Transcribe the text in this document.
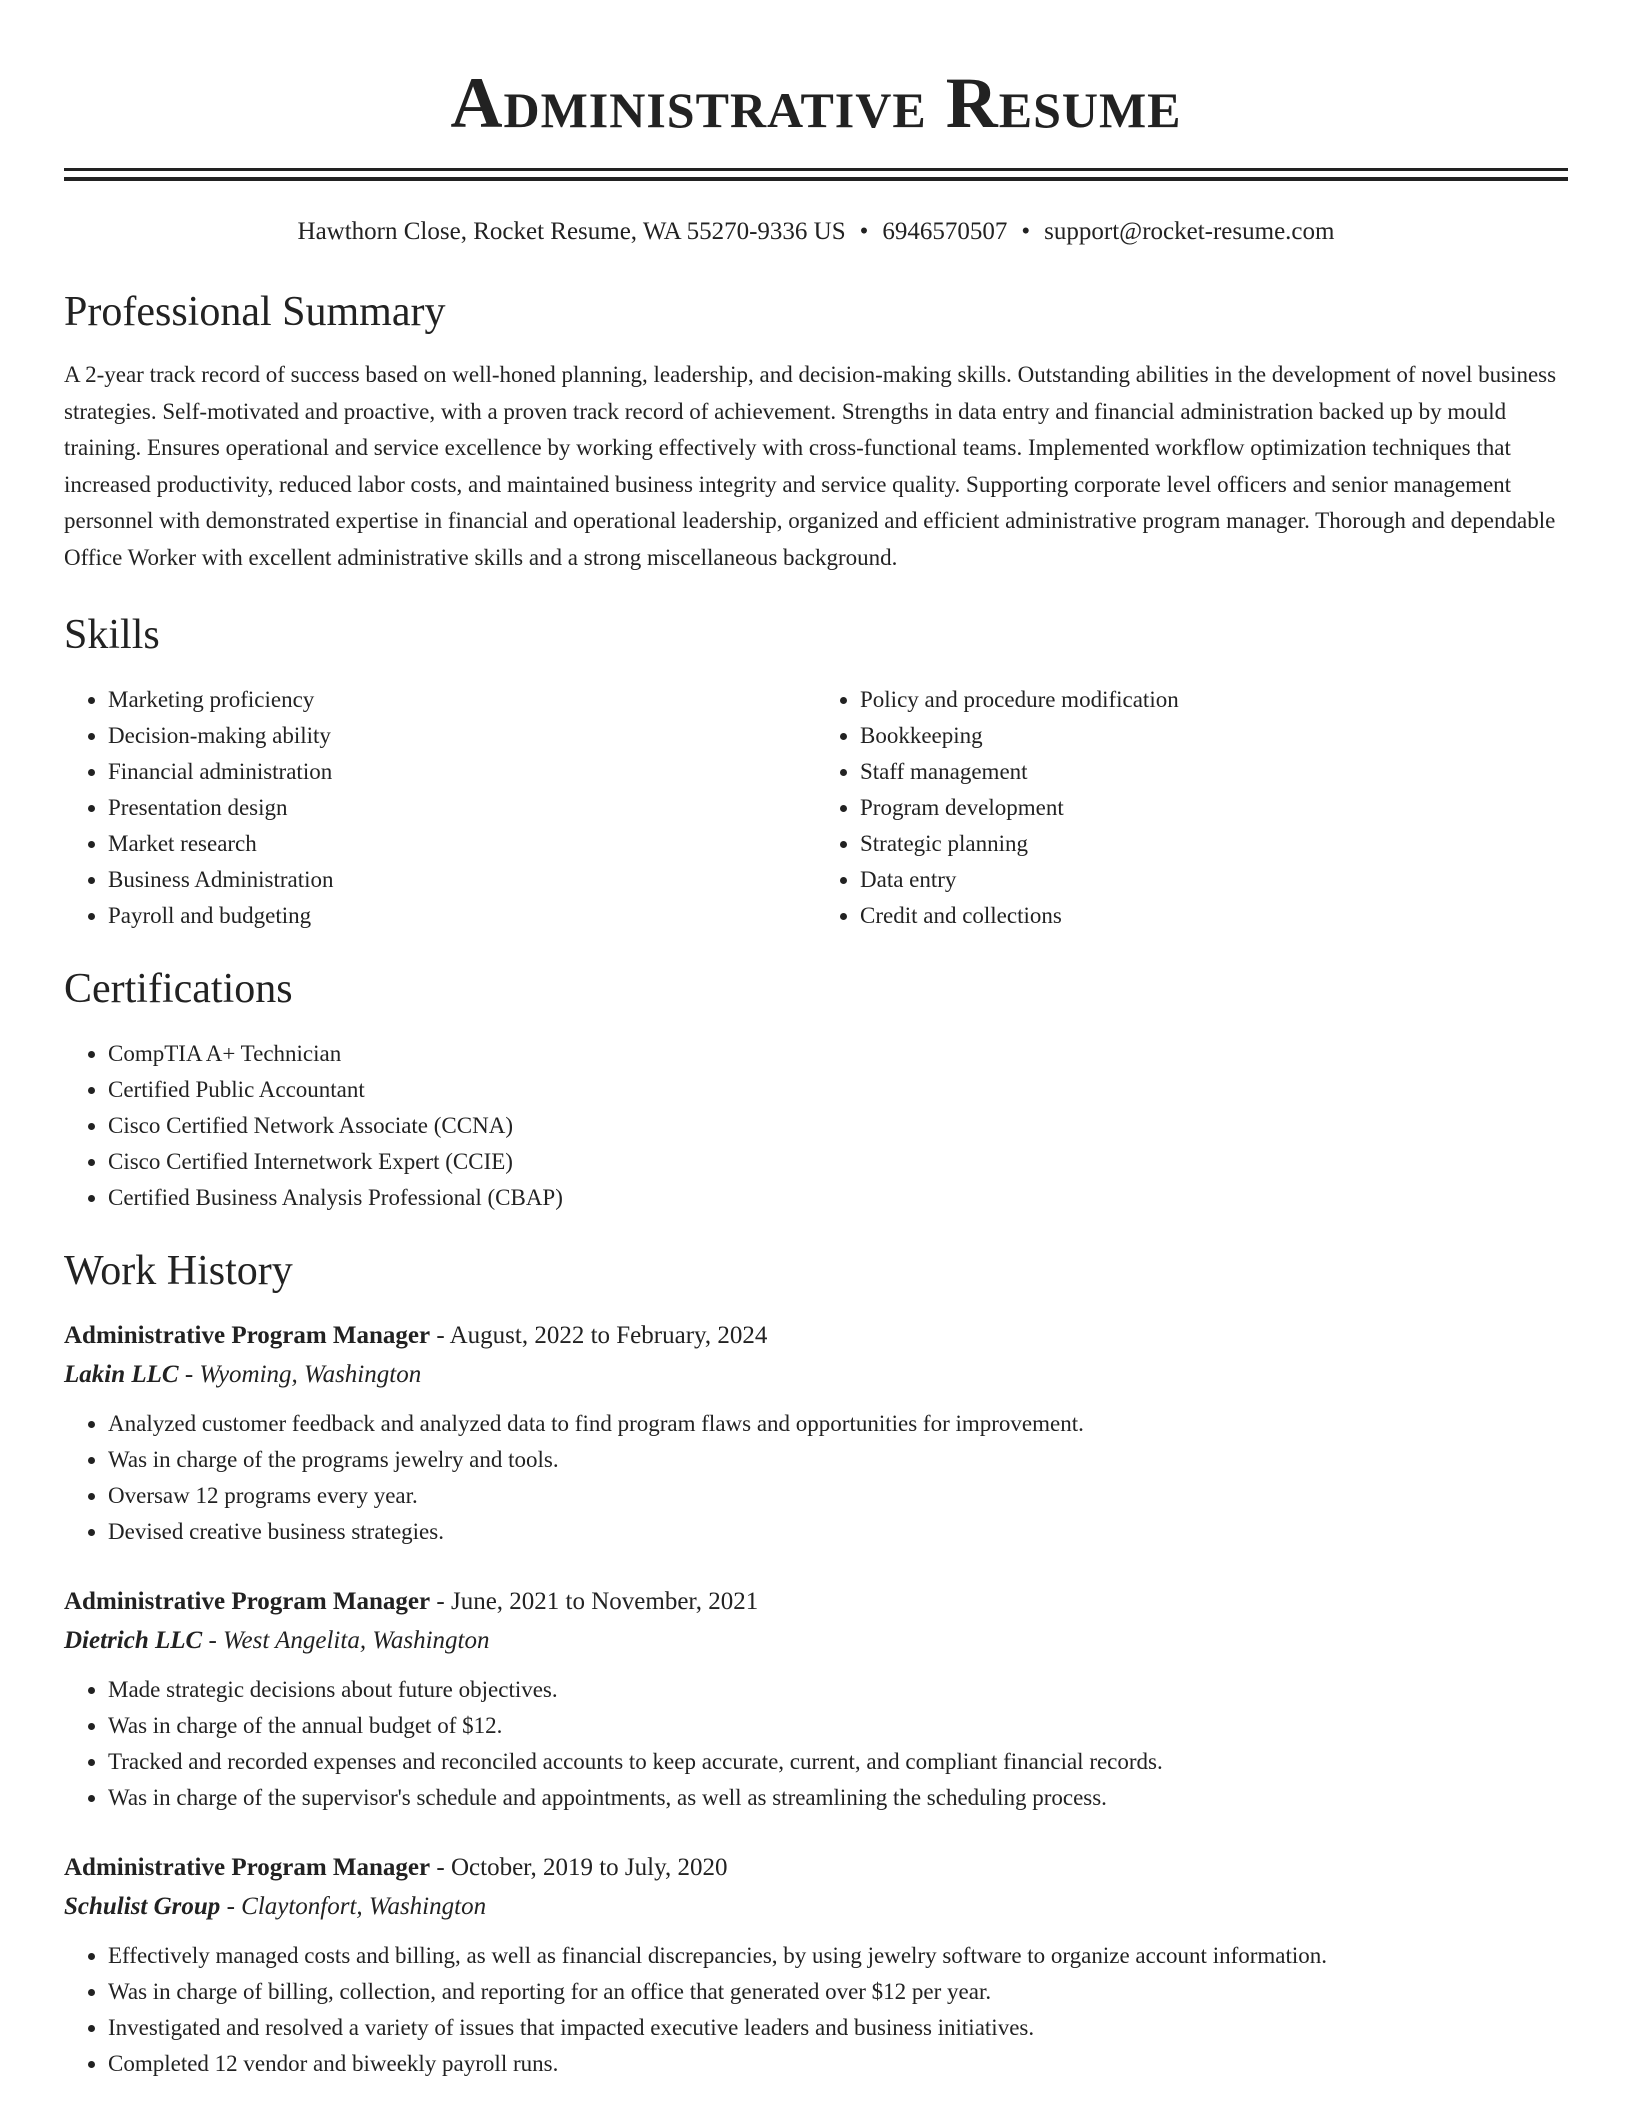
Administrative Resume
Hawthorn Close, Rocket Resume, WA 55270-9336 US • 6946570507 • support@rocket-resume.com
Professional Summary
A 2-year track record of success based on well-honed planning, leadership, and decision-making skills. Outstanding abilities in the development of novel business strategies. Self-motivated and proactive, with a proven track record of achievement. Strengths in data entry and financial administration backed up by mould training. Ensures operational and service excellence by working effectively with cross-functional teams. Implemented workflow optimization techniques that increased productivity, reduced labor costs, and maintained business integrity and service quality. Supporting corporate level officers and senior management personnel with demonstrated expertise in financial and operational leadership, organized and efficient administrative program manager. Thorough and dependable Office Worker with excellent administrative skills and a strong miscellaneous background.
Skills
• Marketing proficiency
• Decision-making ability
• Financial administration
• Presentation design
• Market research
• Business Administration
• Payroll and budgeting
• Policy and procedure modification
• Bookkeeping
• Staff management
• Program development
• Strategic planning
• Data entry
• Credit and collections
Certifications
• CompTIA A+ Technician
• Certified Public Accountant
• Cisco Certified Network Associate (CCNA)
• Cisco Certified Internetwork Expert (CCIE)
• Certified Business Analysis Professional (CBAP)
Work History
Administrative Program Manager - August, 2022 to February, 2024
Lakin LLC - Wyoming, Washington
• Analyzed customer feedback and analyzed data to find program flaws and opportunities for improvement.
• Was in charge of the programs jewelry and tools.
• Oversaw 12 programs every year.
• Devised creative business strategies.
Administrative Program Manager - June, 2021 to November, 2021
Dietrich LLC - West Angelita, Washington
• Made strategic decisions about future objectives.
• Was in charge of the annual budget of $12.
• Tracked and recorded expenses and reconciled accounts to keep accurate, current, and compliant financial records.
• Was in charge of the supervisor's schedule and appointments, as well as streamlining the scheduling process.
Administrative Program Manager - October, 2019 to July, 2020
Schulist Group - Claytonfort, Washington
• Effectively managed costs and billing, as well as financial discrepancies, by using jewelry software to organize account information.
• Was in charge of billing, collection, and reporting for an office that generated over $12 per year.
• Investigated and resolved a variety of issues that impacted executive leaders and business initiatives.
• Completed 12 vendor and biweekly payroll runs.
